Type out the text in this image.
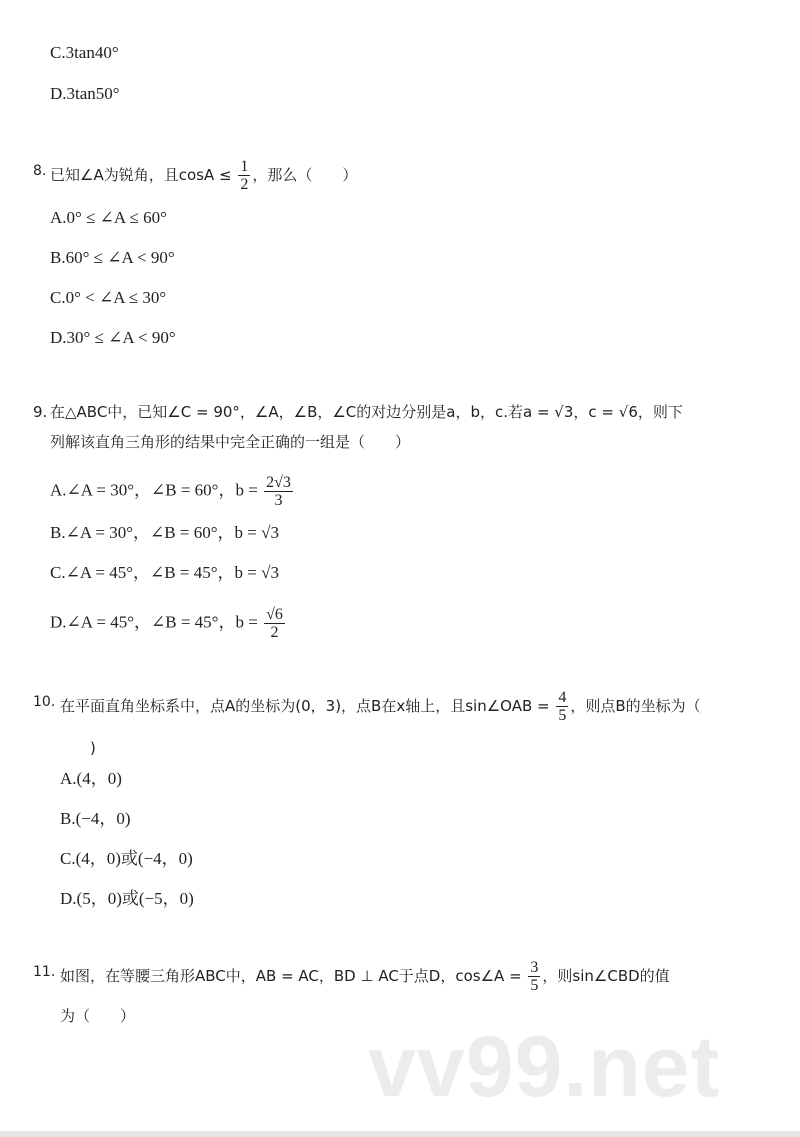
C.3tan40°
D.3tan50°
8. 已知∠A为锐角，且$\cos A \le \frac{1}{2}$ ，那么（　　）
A.0° ≤ ∠A ≤ 60°
B.60° ≤ ∠A < 90°
C.0° < ∠A ≤ 30°
D.30° ≤ ∠A < 90°
9. 在△ABC中，已知∠C = 90°，∠A，∠B，∠C的对边分别是a，b，c.若a = √3，c = √6，则下
列解该直角三角形的结果中完全正确的一组是（　　）
A.∠A = 30°，∠B = 60°，$b = \frac{2√3}{3}$
B.∠A = 30°，∠B = 60°，b = √3
C.∠A = 45°，∠B = 45°，b = √3
D.∠A = 45°，∠B = 45°，$b = \frac{√6}{2}$
10. 在平面直角坐标系中，点A的坐标为(0，3)，点B在x轴上，且sin∠OAB = $\frac{4}{5}$ ，则点B的坐标为（
)
A.(4，0)
B.(−4，0)
C.(4，0)或(−4，0)
D.(5，0)或(−5，0)
11. 如图，在等腰三角形ABC中，AB = AC，BD ⊥ AC于点D，cos∠A = $\frac{3}{5}$ ，则sin∠CBD的值
为（　　）
vv99.net
